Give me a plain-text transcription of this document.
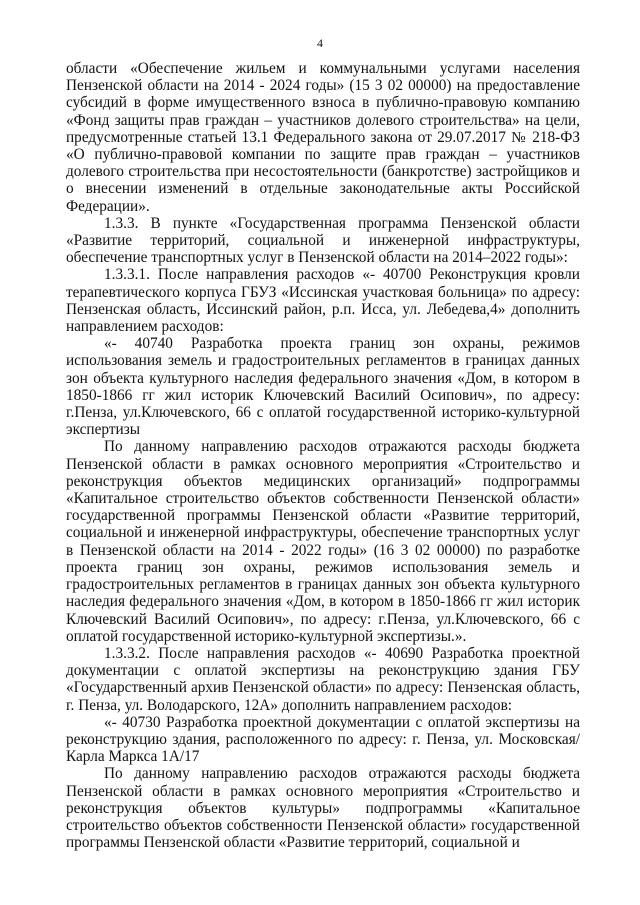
4

области «Обеспечение жильем и коммунальными услугами населения Пензенской области на 2014 - 2024 годы» (15 3 02 00000) на предоставление субсидий в форме имущественного взноса в публично-правовую компанию «Фонд защиты прав граждан – участников долевого строительства» на цели, предусмотренные статьей 13.1 Федерального закона от 29.07.2017 № 218-ФЗ «О публично-правовой компании по защите прав граждан – участников долевого строительства при несостоятельности (банкротстве) застройщиков и о внесении изменений в отдельные законодательные акты Российской Федерации».

1.3.3. В пункте «Государственная программа Пензенской области «Развитие территорий, социальной и инженерной инфраструктуры, обеспечение транспортных услуг в Пензенской области на 2014–2022 годы»:

1.3.3.1. После направления расходов «- 40700 Реконструкция кровли терапевтического корпуса ГБУЗ «Иссинская участковая больница» по адресу: Пензенская область, Иссинский район, р.п. Исса, ул. Лебедева,4» дополнить направлением расходов:

«- 40740 Разработка проекта границ зон охраны, режимов использования земель и градостроительных регламентов в границах данных зон объекта культурного наследия федерального значения «Дом, в котором в 1850-1866 гг жил историк Ключевский Василий Осипович», по адресу: г.Пенза, ул.Ключевского, 66 с оплатой государственной историко-культурной экспертизы

По данному направлению расходов отражаются расходы бюджета Пензенской области в рамках основного мероприятия «Строительство и реконструкция объектов медицинских организаций» подпрограммы «Капитальное строительство объектов собственности Пензенской области» государственной программы Пензенской области «Развитие территорий, социальной и инженерной инфраструктуры, обеспечение транспортных услуг в Пензенской области на 2014 - 2022 годы» (16 3 02 00000) по разработке проекта границ зон охраны, режимов использования земель и градостроительных регламентов в границах данных зон объекта культурного наследия федерального значения «Дом, в котором в 1850-1866 гг жил историк Ключевский Василий Осипович», по адресу: г.Пенза, ул.Ключевского, 66 с оплатой государственной историко-культурной экспертизы.».

1.3.3.2. После направления расходов «- 40690 Разработка проектной документации с оплатой экспертизы на реконструкцию здания ГБУ «Государственный архив Пензенской области» по адресу: Пензенская область, г. Пенза, ул. Володарского, 12А» дополнить направлением расходов:

«- 40730 Разработка проектной документации с оплатой экспертизы на реконструкцию здания, расположенного по адресу: г. Пенза, ул. Московская/Карла Маркса 1А/17

По данному направлению расходов отражаются расходы бюджета Пензенской области в рамках основного мероприятия «Строительство и реконструкция объектов культуры» подпрограммы «Капитальное строительство объектов собственности Пензенской области» государственной программы Пензенской области «Развитие территорий, социальной и
